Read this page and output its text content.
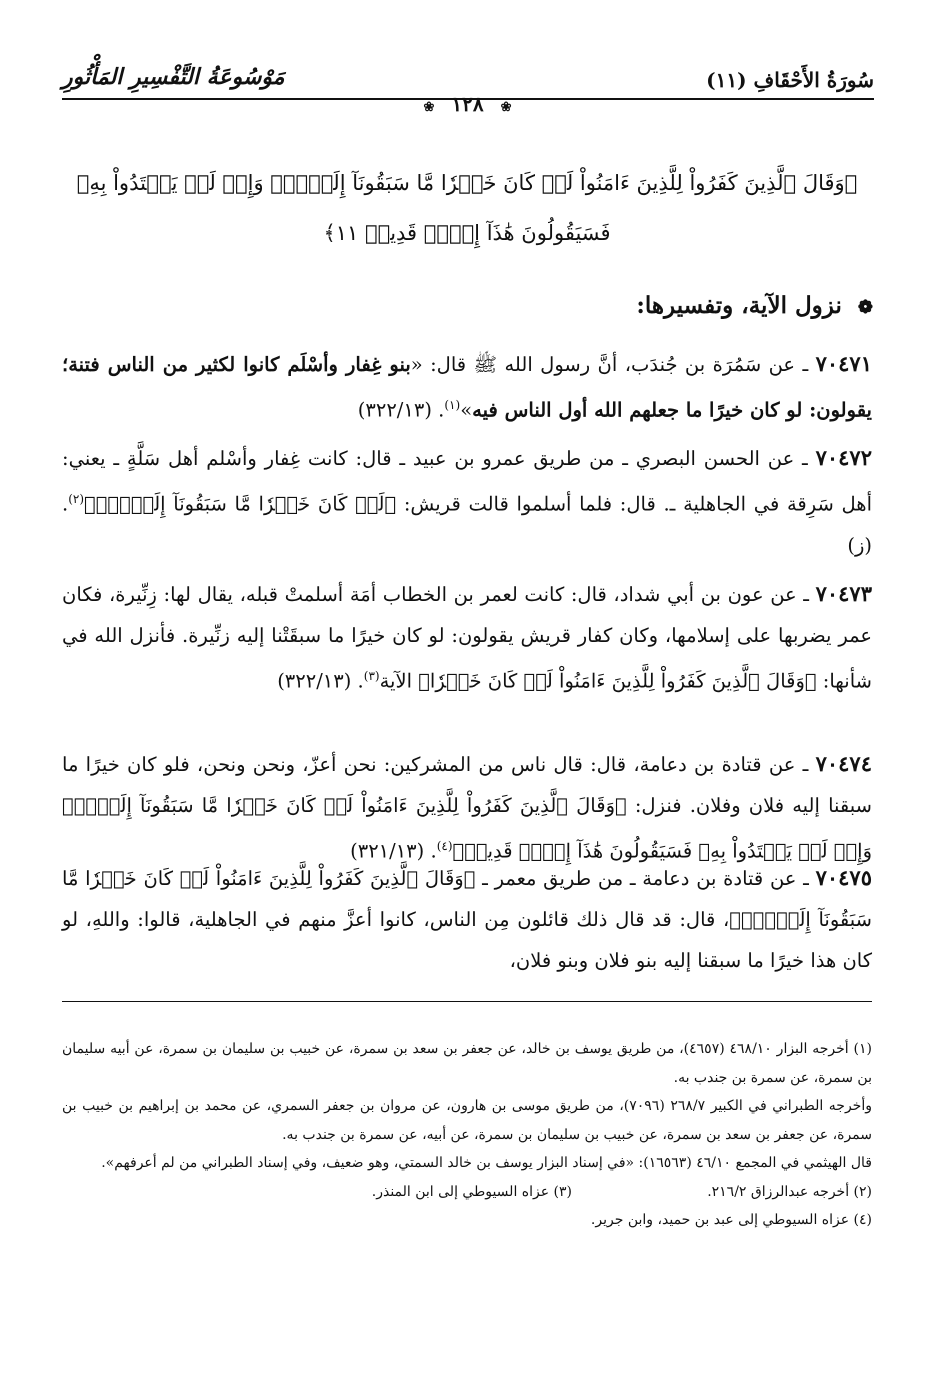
سُورَةُ الأَحْقَافِ (١١)
مَوْسُوعَةُ التَّفْسِيرِ المَأْثُورِ
❀ ١٢٨ ❀
﴿وَقَالَ ٱلَّذِينَ كَفَرُواْ لِلَّذِينَ ءَامَنُواْ لَوۡ كَانَ خَيۡرٗا مَّا سَبَقُونَآ إِلَيۡهِۚ وَإِذۡ لَمۡ يَهۡتَدُواْ بِهِۦ فَسَيَقُولُونَ هَٰذَآ إِفۡكٞ قَدِيمٞ ١١﴾
❁ نزول الآية، وتفسيرها:
٧٠٤٧١ ـ عن سَمُرَة بن جُندَب، أنَّ رسول الله ﷺ قال: «بنو غِفار وأسْلَم كانوا لكثير من الناس فتنة؛ يقولون: لو كان خيرًا ما جعلهم الله أول الناس فيه»$^{(١)}$. (٣٢٢/١٣)
٧٠٤٧٢ ـ عن الحسن البصري ـ من طريق عمرو بن عبيد ـ قال: كانت غِفار وأسْلم أهل سَلَّةٍ ـ يعني: أهل سَرِقة في الجاهلية ـ. قال: فلما أسلموا قالت قريش: ﴿لَوۡ كَانَ خَيۡرٗا مَّا سَبَقُونَآ إِلَيۡهِۚ﴾$^{(٢)}$. (ز)
٧٠٤٧٣ ـ عن عون بن أبي شداد، قال: كانت لعمر بن الخطاب أمَة أسلمتْ قبله، يقال لها: زِنِّيرة، فكان عمر يضربها على إسلامها، وكان كفار قريش يقولون: لو كان خيرًا ما سبقَتْنا إليه زنِّيرة. فأنزل الله في شأنها: ﴿وَقَالَ ٱلَّذِينَ كَفَرُواْ لِلَّذِينَ ءَامَنُواْ لَوۡ كَانَ خَيۡرٗا﴾ الآية$^{(٣)}$. (٣٢٢/١٣)
٧٠٤٧٤ ـ عن قتادة بن دعامة، قال: قال ناس من المشركين: نحن أعزّ، ونحن ونحن، فلو كان خيرًا ما سبقنا إليه فلان وفلان. فنزل: ﴿وَقَالَ ٱلَّذِينَ كَفَرُواْ لِلَّذِينَ ءَامَنُواْ لَوۡ كَانَ خَيۡرٗا مَّا سَبَقُونَآ إِلَيۡهِۚ وَإِذۡ لَمۡ يَهۡتَدُواْ بِهِۦ فَسَيَقُولُونَ هَٰذَآ إِفۡكٞ قَدِيمٞ﴾$^{(٤)}$. (٣٢١/١٣)
٧٠٤٧٥ ـ عن قتادة بن دعامة ـ من طريق معمر ـ ﴿وَقَالَ ٱلَّذِينَ كَفَرُواْ لِلَّذِينَ ءَامَنُواْ لَوۡ كَانَ خَيۡرٗا مَّا سَبَقُونَآ إِلَيۡهِۚ﴾، قال: قد قال ذلك قائلون مِن الناس، كانوا أعزَّ منهم في الجاهلية، قالوا: واللهِ، لو كان هذا خيرًا ما سبقنا إليه بنو فلان وبنو فلان،
(١) أخرجه البزار ٤٦٨/١٠ (٤٦٥٧)، من طريق يوسف بن خالد، عن جعفر بن سعد بن سمرة، عن خبيب بن سليمان بن سمرة، عن أبيه سليمان بن سمرة، عن سمرة بن جندب به.
وأخرجه الطبراني في الكبير ٢٦٨/٧ (٧٠٩٦)، من طريق موسى بن هارون، عن مروان بن جعفر السمري، عن محمد بن إبراهيم بن خبيب بن سمرة، عن جعفر بن سعد بن سمرة، عن خبيب بن سليمان بن سمرة، عن أبيه، عن سمرة بن جندب به.
قال الهيثمي في المجمع ٤٦/١٠ (١٦٥٦٣): «في إسناد البزار يوسف بن خالد السمتي، وهو ضعيف، وفي إسناد الطبراني من لم أعرفهم».
(٢) أخرجه عبدالرزاق ٢١٦/٢.
(٣) عزاه السيوطي إلى ابن المنذر.
(٤) عزاه السيوطي إلى عبد بن حميد، وابن جرير.
